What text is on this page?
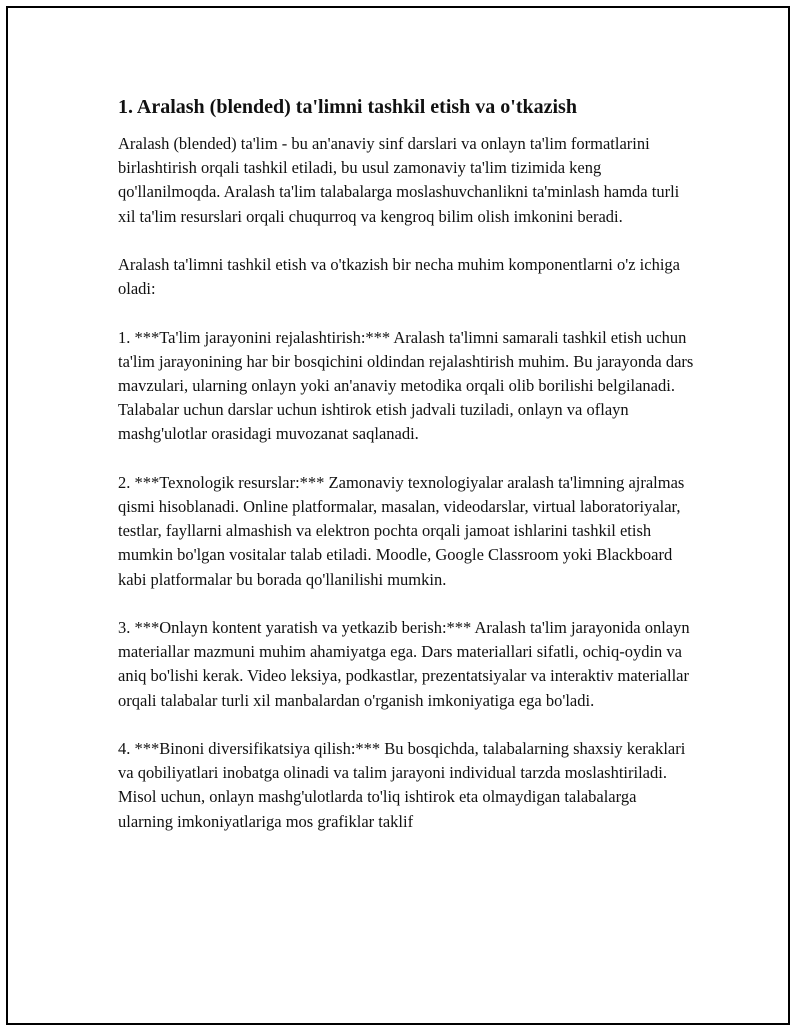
1. Aralash (blended) ta'limni tashkil etish va o'tkazish

Aralash (blended) ta'lim - bu an'anaviy sinf darslari va onlayn ta'lim formatlarini birlashtirish orqali tashkil etiladi, bu usul zamonaviy ta'lim tizimida keng qo'llanilmoqda. Aralash ta'lim talabalarga moslashuvchanlikni ta'minlash hamda turli xil ta'lim resurslari orqali chuqurroq va kengroq bilim olish imkonini beradi.

Aralash ta'limni tashkil etish va o'tkazish bir necha muhim komponentlarni o'z ichiga oladi:

1. ***Ta'lim jarayonini rejalashtirish:*** Aralash ta'limni samarali tashkil etish uchun ta'lim jarayonining har bir bosqichini oldindan rejalashtirish muhim. Bu jarayonda dars mavzulari, ularning onlayn yoki an'anaviy metodika orqali olib borilishi belgilanadi. Talabalar uchun darslar uchun ishtirok etish jadvali tuziladi, onlayn va oflayn mashg'ulotlar orasidagi muvozanat saqlanadi.

2. ***Texnologik resurslar:*** Zamonaviy texnologiyalar aralash ta'limning ajralmas qismi hisoblanadi. Online platformalar, masalan, videodarslar, virtual laboratoriyalar, testlar, fayllarni almashish va elektron pochta orqali jamoat ishlarini tashkil etish mumkin bo'lgan vositalar talab etiladi. Moodle, Google Classroom yoki Blackboard kabi platformalar bu borada qo'llanilishi mumkin.

3. ***Onlayn kontent yaratish va yetkazib berish:*** Aralash ta'lim jarayonida onlayn materiallar mazmuni muhim ahamiyatga ega. Dars materiallari sifatli, ochiq-oydin va aniq bo'lishi kerak. Video leksiya, podkastlar, prezentatsiyalar va interaktiv materiallar orqali talabalar turli xil manbalardan o'rganish imkoniyatiga ega bo'ladi.

4. ***Binoni diversifikatsiya qilish:*** Bu bosqichda, talabalarning shaxsiy keraklari va qobiliyatlari inobatga olinadi va talim jarayoni individual tarzda moslashtiriladi. Misol uchun, onlayn mashg'ulotlarda to'liq ishtirok eta olmaydigan talabalarga ularning imkoniyatlariga mos grafiklar taklif
